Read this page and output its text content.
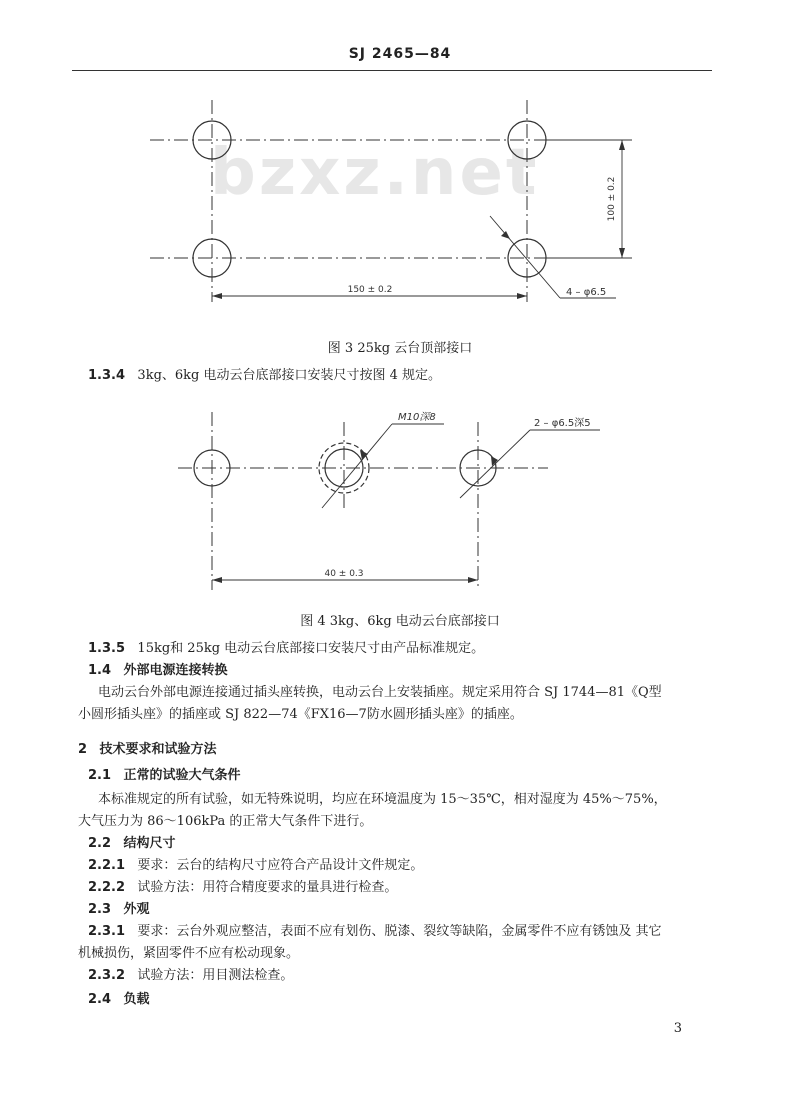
SJ 2465—84
bzxz.net
150 ± 0.2
100 ± 0.2
4 – φ6.5
图 3 25kg 云台顶部接口
1.3.4 3kg、6kg 电动云台底部接口安装尺寸按图 4 规定。
40 ± 0.3
M10深8
2 – φ6.5深5
图 4 3kg、6kg 电动云台底部接口
1.3.5 15kg和 25kg 电动云台底部接口安装尺寸由产品标准规定。
1.4 外部电源连接转换
电动云台外部电源连接通过插头座转换，电动云台上安装插座。规定采用符合 SJ 1744—81《Q型
小圆形插头座》的插座或 SJ 822—74《FX16—7防水圆形插头座》的插座。
2 技术要求和试验方法
2.1 正常的试验大气条件
本标准规定的所有试验，如无特殊说明，均应在环境温度为 15～35℃，相对湿度为 45%～75%，
大气压力为 86～106kPa 的正常大气条件下进行。
2.2 结构尺寸
2.2.1 要求：云台的结构尺寸应符合产品设计文件规定。
2.2.2 试验方法：用符合精度要求的量具进行检查。
2.3 外观
2.3.1 要求：云台外观应整洁，表面不应有划伤、脱漆、裂纹等缺陷，金属零件不应有锈蚀及 其它
机械损伤，紧固零件不应有松动现象。
2.3.2 试验方法：用目测法检查。
2.4 负载
3
